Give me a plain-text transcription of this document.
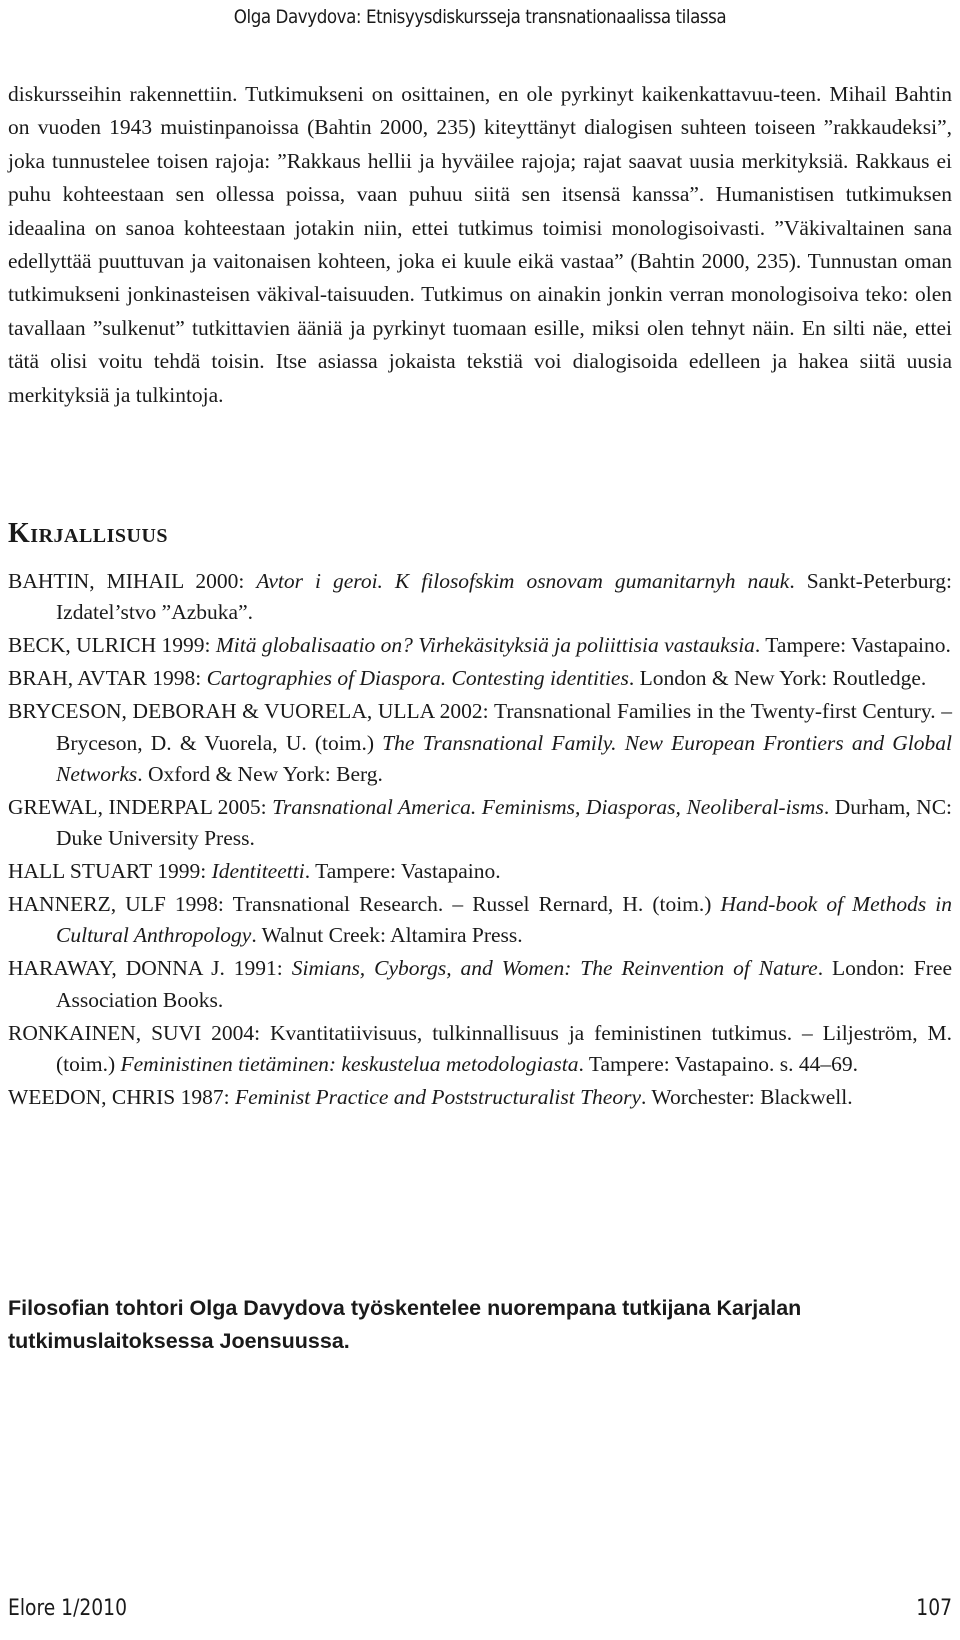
Olga Davydova: Etnisyysdiskursseja transnationaalissa tilassa

diskursseihin rakennettiin. Tutkimukseni on osittainen, en ole pyrkinyt kaikenkattavuu-teen. Mihail Bahtin on vuoden 1943 muistinpanoissa (Bahtin 2000, 235) kiteyttänyt dialogisen suhteen toiseen ”rakkaudeksi”, joka tunnustelee toisen rajoja: ”Rakkaus hellii ja hyväilee rajoja; rajat saavat uusia merkityksiä. Rakkaus ei puhu kohteestaan sen ollessa poissa, vaan puhuu siitä sen itsensä kanssa”. Humanistisen tutkimuksen ideaalina on sanoa kohteestaan jotakin niin, ettei tutkimus toimisi monologisoivasti. ”Väkivaltainen sana edellyttää puuttuvan ja vaitonaisen kohteen, joka ei kuule eikä vastaa” (Bahtin 2000, 235). Tunnustan oman tutkimukseni jonkinasteisen väkival-taisuuden. Tutkimus on ainakin jonkin verran monologisoiva teko: olen tavallaan ”sulkenut” tutkittavien ääniä ja pyrkinyt tuomaan esille, miksi olen tehnyt näin. En silti näe, ettei tätä olisi voitu tehdä toisin. Itse asiassa jokaista tekstiä voi dialogisoida edelleen ja hakea siitä uusia merkityksiä ja tulkintoja.

Kirjallisuus
BAHTIN, MIHAIL 2000: Avtor i geroi. K filosofskim osnovam gumanitarnyh nauk. Sankt-Peterburg: Izdatel’stvo ”Azbuka”.
BECK, ULRICH 1999: Mitä globalisaatio on? Virhekäsityksiä ja poliittisia vastauksia. Tampere: Vastapaino.
BRAH, AVTAR 1998: Cartographies of Diaspora. Contesting identities. London & New York: Routledge.
BRYCESON, DEBORAH & VUORELA, ULLA 2002: Transnational Families in the Twenty-first Century. – Bryceson, D. & Vuorela, U. (toim.) The Transnational Family. New European Frontiers and Global Networks. Oxford & New York: Berg.
GREWAL, INDERPAL 2005: Transnational America. Feminisms, Diasporas, Neoliberal-isms. Durham, NC: Duke University Press.
HALL STUART 1999: Identiteetti. Tampere: Vastapaino.
HANNERZ, ULF 1998: Transnational Research. – Russel Rernard, H. (toim.) Hand-book of Methods in Cultural Anthropology. Walnut Creek: Altamira Press.
HARAWAY, DONNA J. 1991: Simians, Cyborgs, and Women: The Reinvention of Nature. London: Free Association Books.
RONKAINEN, SUVI 2004: Kvantitatiivisuus, tulkinnallisuus ja feministinen tutkimus. – Liljeström, M. (toim.) Feministinen tietäminen: keskustelua metodologiasta. Tampere: Vastapaino. s. 44–69.
WEEDON, CHRIS 1987: Feminist Practice and Poststructuralist Theory. Worchester: Blackwell.
Filosofian tohtori Olga Davydova työskentelee nuorempana tutkijana Karjalan tutkimuslaitoksessa Joensuussa.
Elore 1/2010	107
